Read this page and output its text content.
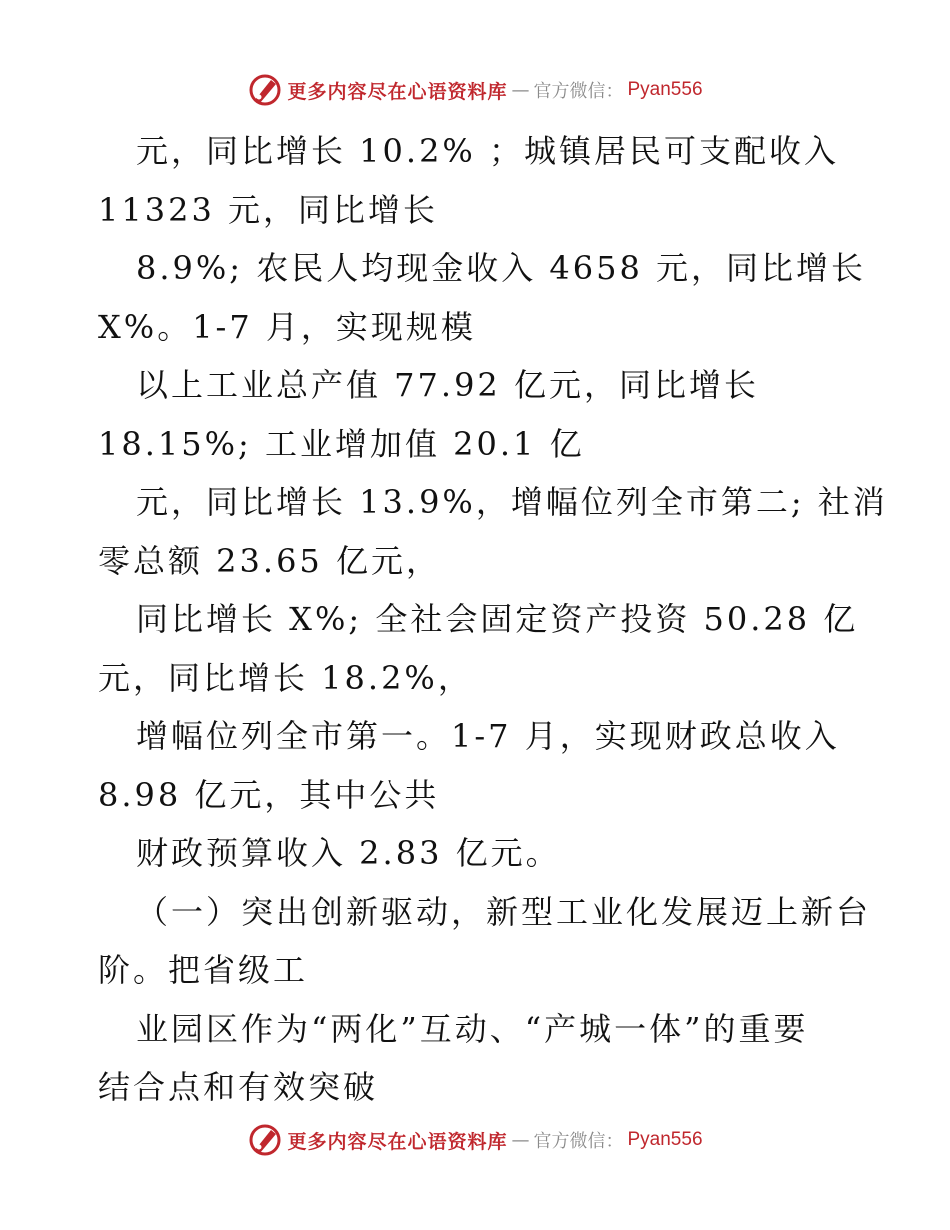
更多内容尽在心语资料库 — 官方微信： Pyan556
元，同比增长 10.2% ；城镇居民可支配收入
11323 元，同比增长
8.9%; 农民人均现金收入 4658 元，同比增长
X%。1-7 月，实现规模
以上工业总产值 77.92 亿元，同比增长
18.15%; 工业增加值 20.1 亿
元，同比增长 13.9%，增幅位列全市第二; 社消
零总额 23.65 亿元，
同比增长 X%; 全社会固定资产投资 50.28 亿
元，同比增长 18.2%，
增幅位列全市第一。1-7 月，实现财政总收入
8.98 亿元，其中公共
财政预算收入 2.83 亿元。
（一）突出创新驱动，新型工业化发展迈上新台
阶。把省级工
业园区作为“两化”互动、“产城一体”的重要
结合点和有效突破
更多内容尽在心语资料库 — 官方微信： Pyan556
